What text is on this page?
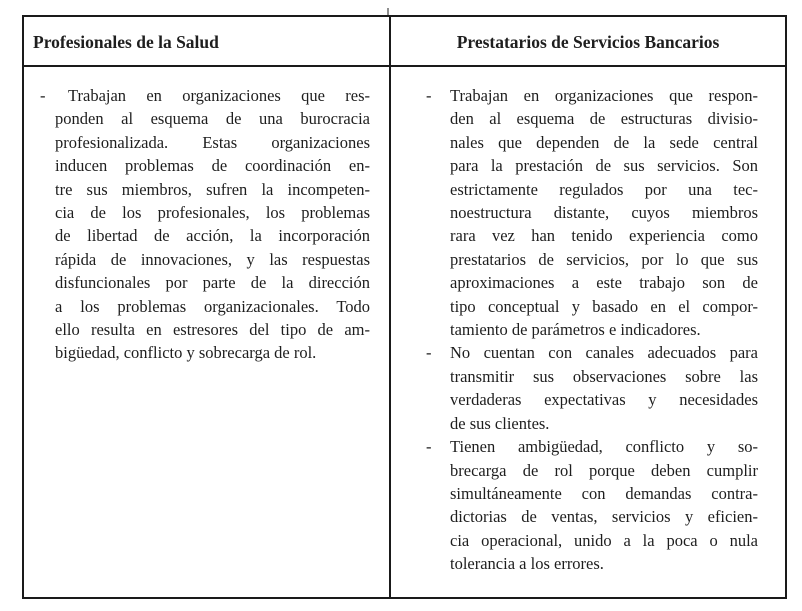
Profesionales de la Salud	Prestatarios de Servicios Bancarios
-	Trabajan en organizaciones que res-
ponden al esquema de una burocracia
profesionalizada. Estas organizaciones
inducen problemas de coordinación en-
tre sus miembros, sufren la incompeten-
cia de los profesionales, los problemas
de libertad de acción, la incorporación
rápida de innovaciones, y las respuestas
disfuncionales por parte de la dirección
a los problemas organizacionales. Todo
ello resulta en estresores del tipo de am-
bigüedad, conflicto y sobrecarga de rol.
- Trabajan en organizaciones que respon-
den al esquema de estructuras divisio-
nales que dependen de la sede central
para la prestación de sus servicios. Son
estrictamente regulados por una tec-
noestructura distante, cuyos miembros
rara vez han tenido experiencia como
prestatarios de servicios, por lo que sus
aproximaciones a este trabajo son de
tipo conceptual y basado en el compor-
tamiento de parámetros e indicadores.
- No cuentan con canales adecuados para
transmitir sus observaciones sobre las
verdaderas expectativas y necesidades
de sus clientes.
- Tienen ambigüedad, conflicto y so-
brecarga de rol porque deben cumplir
simultáneamente con demandas contra-
dictorias de ventas, servicios y eficien-
cia operacional, unido a la poca o nula
tolerancia a los errores.
